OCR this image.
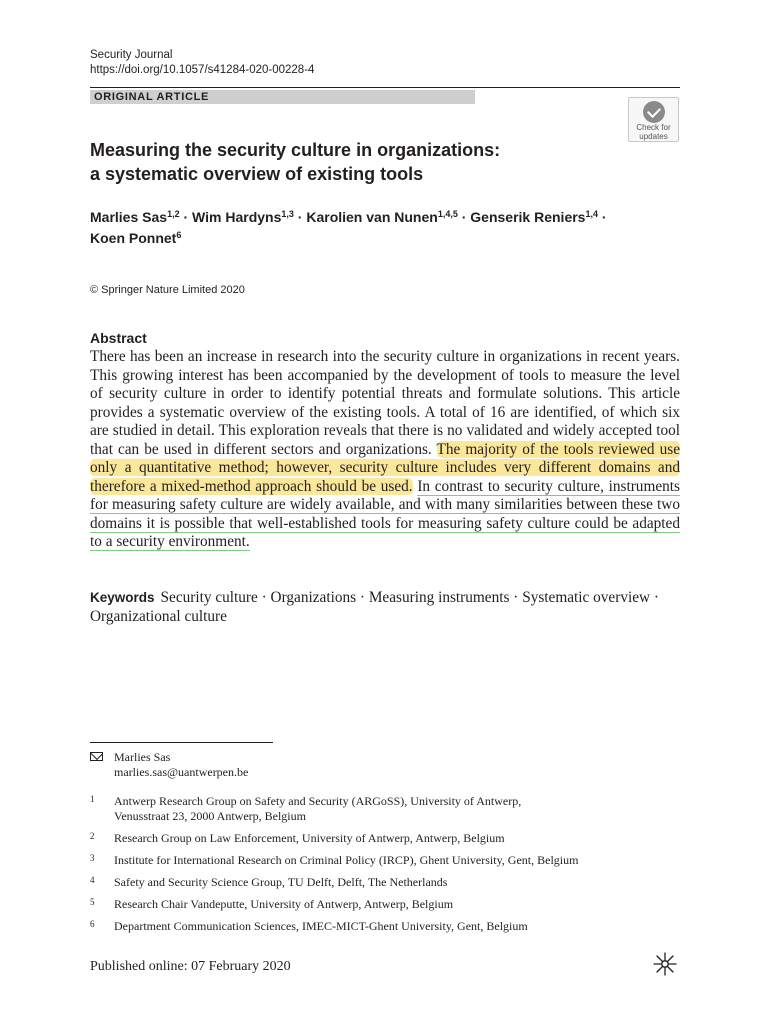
Security Journal
https://doi.org/10.1057/s41284-020-00228-4
ORIGINAL ARTICLE
Check for
updates
Measuring the security culture in organizations:
a systematic overview of existing tools
Marlies Sas$^{1,2}$ · Wim Hardyns$^{1,3}$ · Karolien van Nunen$^{1,4,5}$ · Genserik Reniers$^{1,4}$ ·
Koen Ponnet$^6$
© Springer Nature Limited 2020
Abstract
There has been an increase in research into the security culture in organizations in recent years. This growing interest has been accompanied by the development of tools to measure the level of security culture in order to identify potential threats and formulate solutions. This article provides a systematic overview of the existing tools. A total of 16 are identified, of which six are studied in detail. This exploration reveals that there is no validated and widely accepted tool that can be used in different sectors and organizations. The majority of the tools reviewed use only a quantitative method; however, security culture includes very different domains and therefore a mixed-method approach should be used. In contrast to security culture, instruments for measuring safety culture are widely available, and with many similarities between these two domains it is possible that well-established tools for measuring safety culture could be adapted to a security environment.
Keywords Security culture · Organizations · Measuring instruments · Systematic overview · Organizational culture
Marlies Sas
marlies.sas@uantwerpen.be
1 Antwerp Research Group on Safety and Security (ARGoSS), University of Antwerp,
Venusstraat 23, 2000 Antwerp, Belgium
2 Research Group on Law Enforcement, University of Antwerp, Antwerp, Belgium
3 Institute for International Research on Criminal Policy (IRCP), Ghent University, Gent, Belgium
4 Safety and Security Science Group, TU Delft, Delft, The Netherlands
5 Research Chair Vandeputte, University of Antwerp, Antwerp, Belgium
6 Department Communication Sciences, IMEC-MICT-Ghent University, Gent, Belgium
Published online: 07 February 2020
